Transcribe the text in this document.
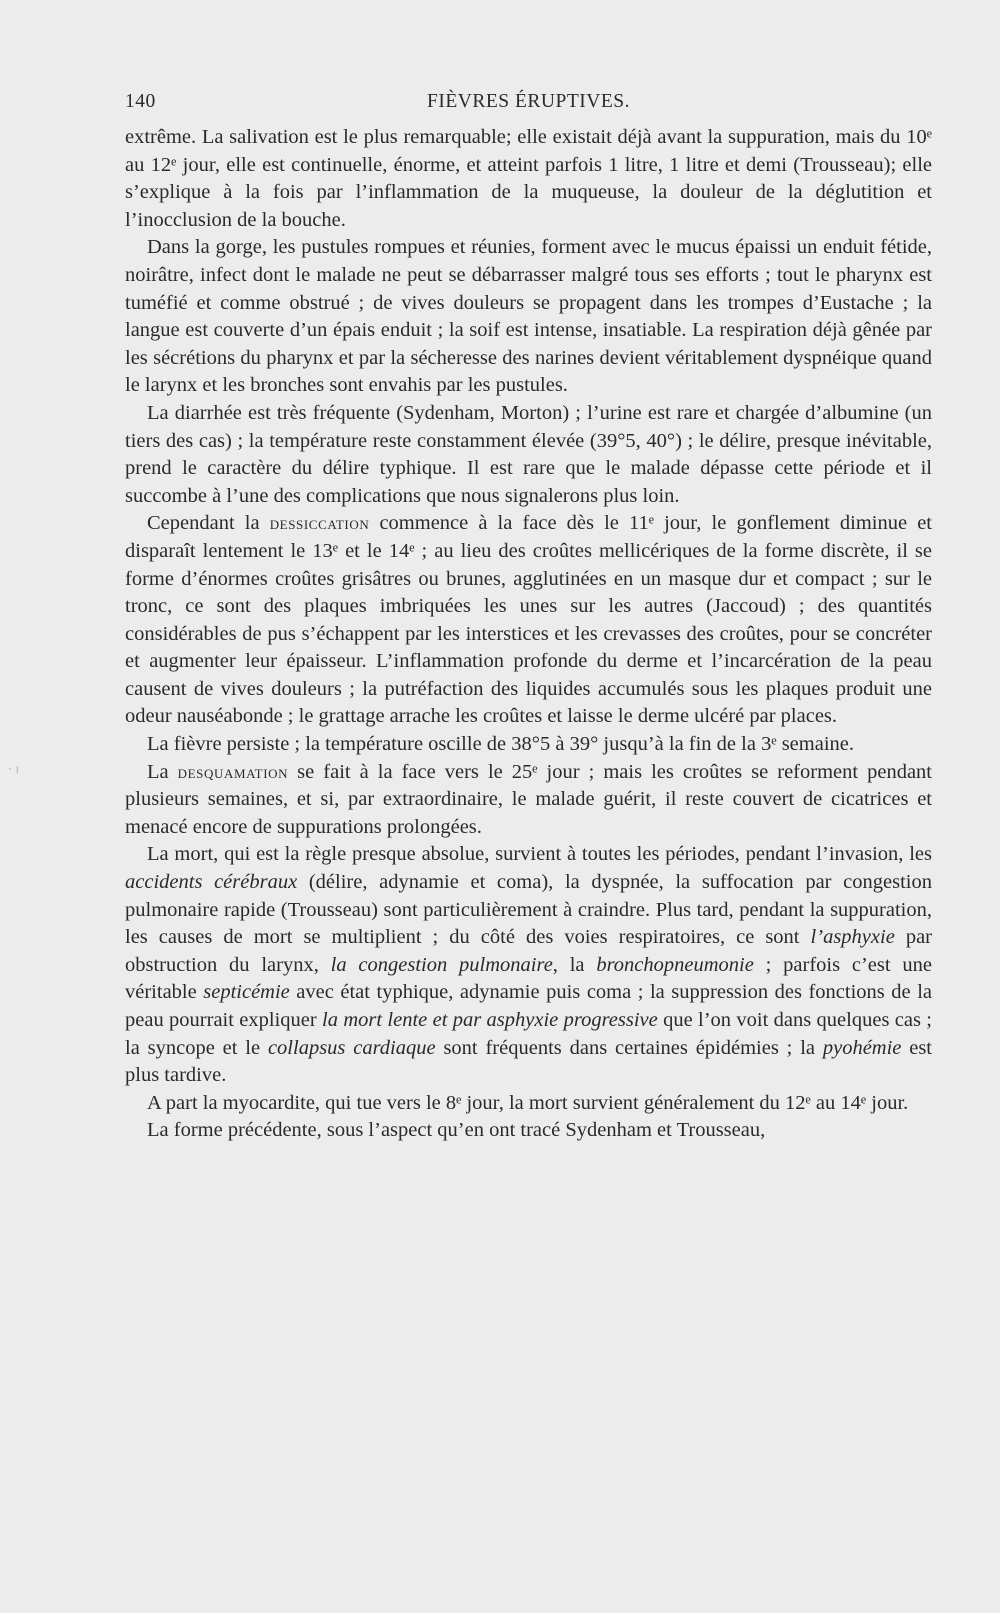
140	FIÈVRES ÉRUPTIVES.

extrême. La salivation est le plus remarquable; elle existait déjà avant la suppuration, mais du 10ᵉ au 12ᵉ jour, elle est continuelle, énorme, et atteint parfois 1 litre, 1 litre et demi (Trousseau); elle s’explique à la fois par l’inflammation de la muqueuse, la douleur de la déglutition et l’inocclusion de la bouche.

Dans la gorge, les pustules rompues et réunies, forment avec le mucus épaissi un enduit fétide, noirâtre, infect dont le malade ne peut se débarrasser malgré tous ses efforts ; tout le pharynx est tuméfié et comme obstrué ; de vives douleurs se propagent dans les trompes d’Eustache ; la langue est couverte d’un épais enduit ; la soif est intense, insatiable. La respiration déjà gênée par les sécrétions du pharynx et par la sécheresse des narines devient véritablement dyspnéique quand le larynx et les bronches sont envahis par les pustules.

La diarrhée est très fréquente (Sydenham, Morton) ; l’urine est rare et chargée d’albumine (un tiers des cas) ; la température reste constamment élevée (39°5, 40°) ; le délire, presque inévitable, prend le caractère du délire typhique. Il est rare que le malade dépasse cette période et il succombe à l’une des complications que nous signalerons plus loin.

Cependant la dessiccation commence à la face dès le 11ᵉ jour, le gonflement diminue et disparaît lentement le 13ᵉ et le 14ᵉ ; au lieu des croûtes mellicériques de la forme discrète, il se forme d’énormes croûtes grisâtres ou brunes, agglutinées en un masque dur et compact ; sur le tronc, ce sont des plaques imbriquées les unes sur les autres (Jaccoud) ; des quantités considérables de pus s’échappent par les interstices et les crevasses des croûtes, pour se concréter et augmenter leur épaisseur. L’inflammation profonde du derme et l’incarcération de la peau causent de vives douleurs ; la putréfaction des liquides accumulés sous les plaques produit une odeur nauséabonde ; le grattage arrache les croûtes et laisse le derme ulcéré par places.

La fièvre persiste ; la température oscille de 38°5 à 39° jusqu’à la fin de la 3ᵉ semaine.

La desquamation se fait à la face vers le 25ᵉ jour ; mais les croûtes se reforment pendant plusieurs semaines, et si, par extraordinaire, le malade guérit, il reste couvert de cicatrices et menacé encore de suppurations prolongées.

La mort, qui est la règle presque absolue, survient à toutes les périodes, pendant l’invasion, les accidents cérébraux (délire, adynamie et coma), la dyspnée, la suffocation par congestion pulmonaire rapide (Trousseau) sont particulièrement à craindre. Plus tard, pendant la suppuration, les causes de mort se multiplient ; du côté des voies respiratoires, ce sont l’asphyxie par obstruction du larynx, la congestion pulmonaire, la bronchopneumonie ; parfois c’est une véritable septicémie avec état typhique, adynamie puis coma ; la suppression des fonctions de la peau pourrait expliquer la mort lente et par asphyxie progressive que l’on voit dans quelques cas ; la syncope et le collapsus cardiaque sont fréquents dans certaines épidémies ; la pyohémie est plus tardive.

A part la myocardite, qui tue vers le 8ᵉ jour, la mort survient généralement du 12ᵉ au 14ᵉ jour.

La forme précédente, sous l’aspect qu’en ont tracé Sydenham et Trousseau,

· ı
